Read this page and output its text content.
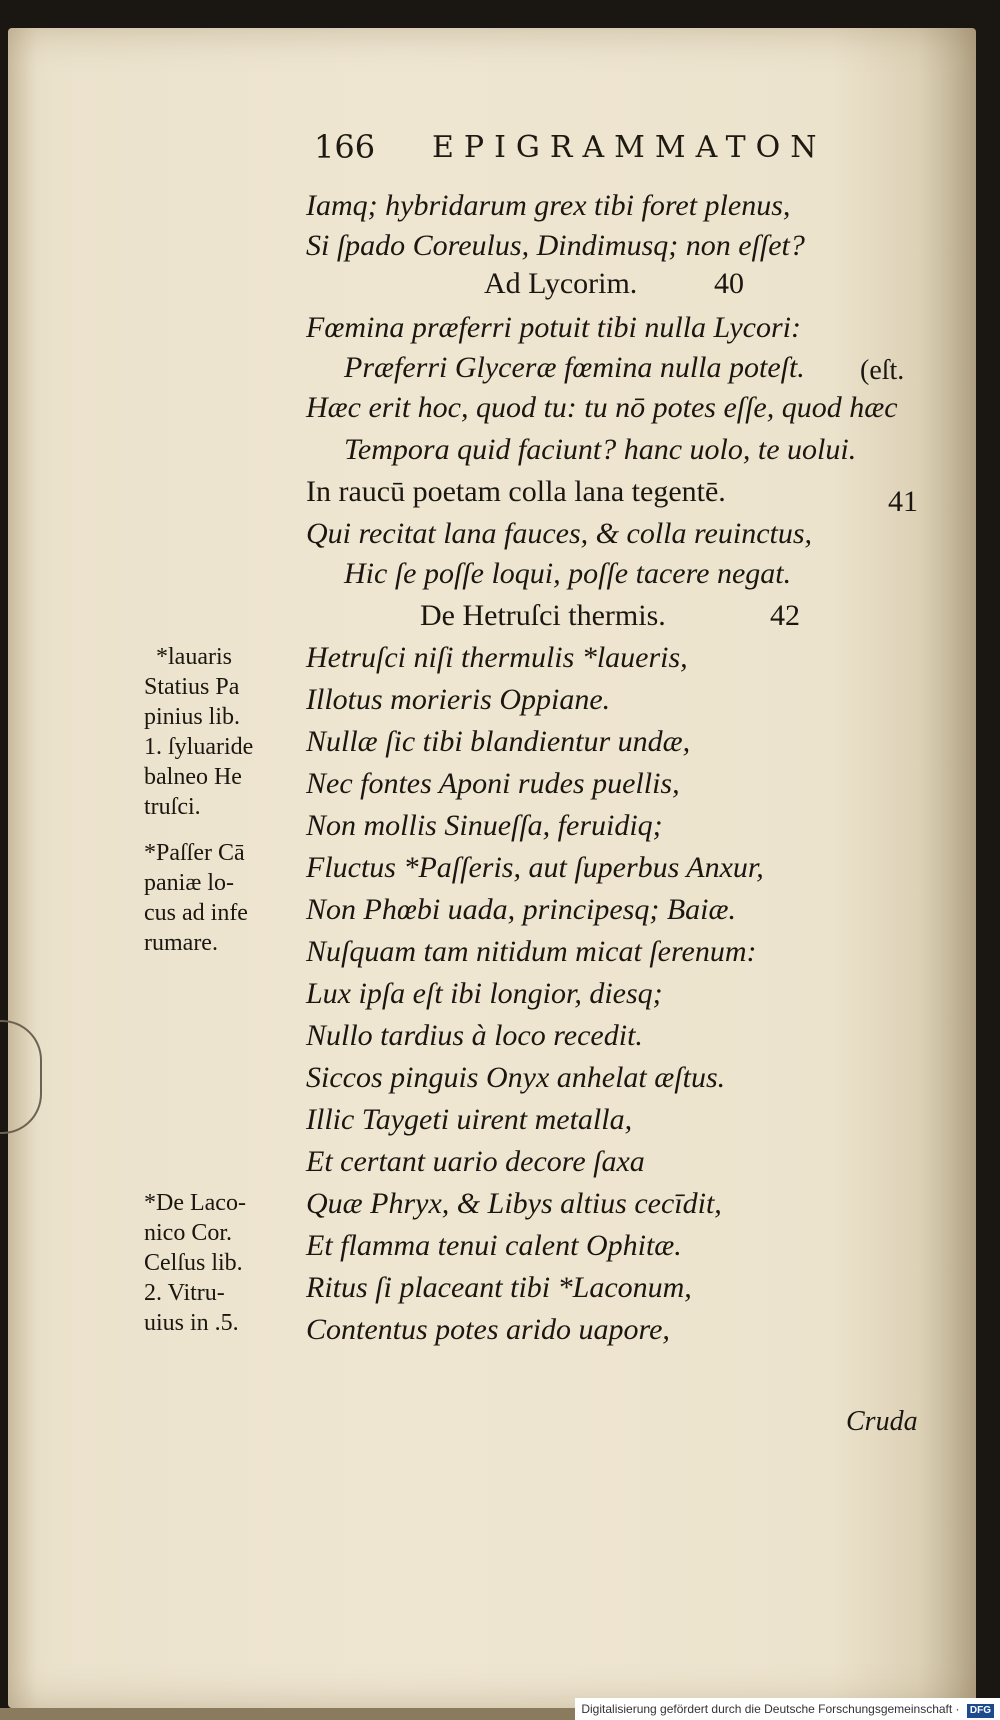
166 EPIGRAMMATON
Iamq; hybridarum grex tibi foret plenus,
Si ſpado Coreulus, Dindimusq; non eſſet?
Ad Lycorim.	40
Fœmina præferri potuit tibi nulla Lycori:
Præferri Glyceræ fœmina nulla poteſt. (eſt.
Hæc erit hoc, quod tu: tu nō potes eſſe, quod hæc
Tempora quid faciunt? hanc uolo, te uolui.
In raucū poetam colla lana tegentē.	41
Qui recitat lana fauces, & colla reuinctus,
Hic ſe poſſe loqui, poſſe tacere negat.
De Hetruſci thermis.	42
Hetruſci niſi thermulis *laueris,
Illotus morieris Oppiane.
Nullæ ſic tibi blandientur undæ,
Nec fontes Aponi rudes puellis,
Non mollis Sinueſſa, feruidiq;
Fluctus *Paſſeris, aut ſuperbus Anxur,
Non Phœbi uada, principesq; Baiæ.
Nuſquam tam nitidum micat ſerenum:
Lux ipſa eſt ibi longior, diesq;
Nullo tardius à loco recedit.
Siccos pinguis Onyx anhelat æſtus.
Illic Taygeti uirent metalla,
Et certant uario decore ſaxa
Quæ Phryx, & Libys altius cecīdit,
Et flamma tenui calent Ophitæ.
Ritus ſi placeant tibi *Laconum,
Contentus potes arido uapore,
*lauaris
Statius Pa
pinius lib.
1. ſyluaride
balneo He
truſci.
*Paſſer Cā
paniæ lo-
cus ad infe
rumare.
*De Laco-
nico Cor.
Celſus lib.
2. Vitru-
uius in .5.
Cruda
Digitalisierung gefördert durch die Deutsche Forschungsgemeinschaft · DFG
